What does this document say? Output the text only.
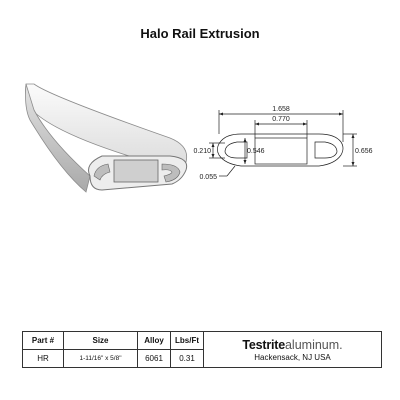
Halo Rail Extrusion
1.658
0.770
0.656
0.546
0.210
0.055
Part #	Size	Alloy	Lbs/Ft	Testritealuminum.
Hackensack, NJ USA

HR	1-11/16" x 5/8"	6061	0.31	
